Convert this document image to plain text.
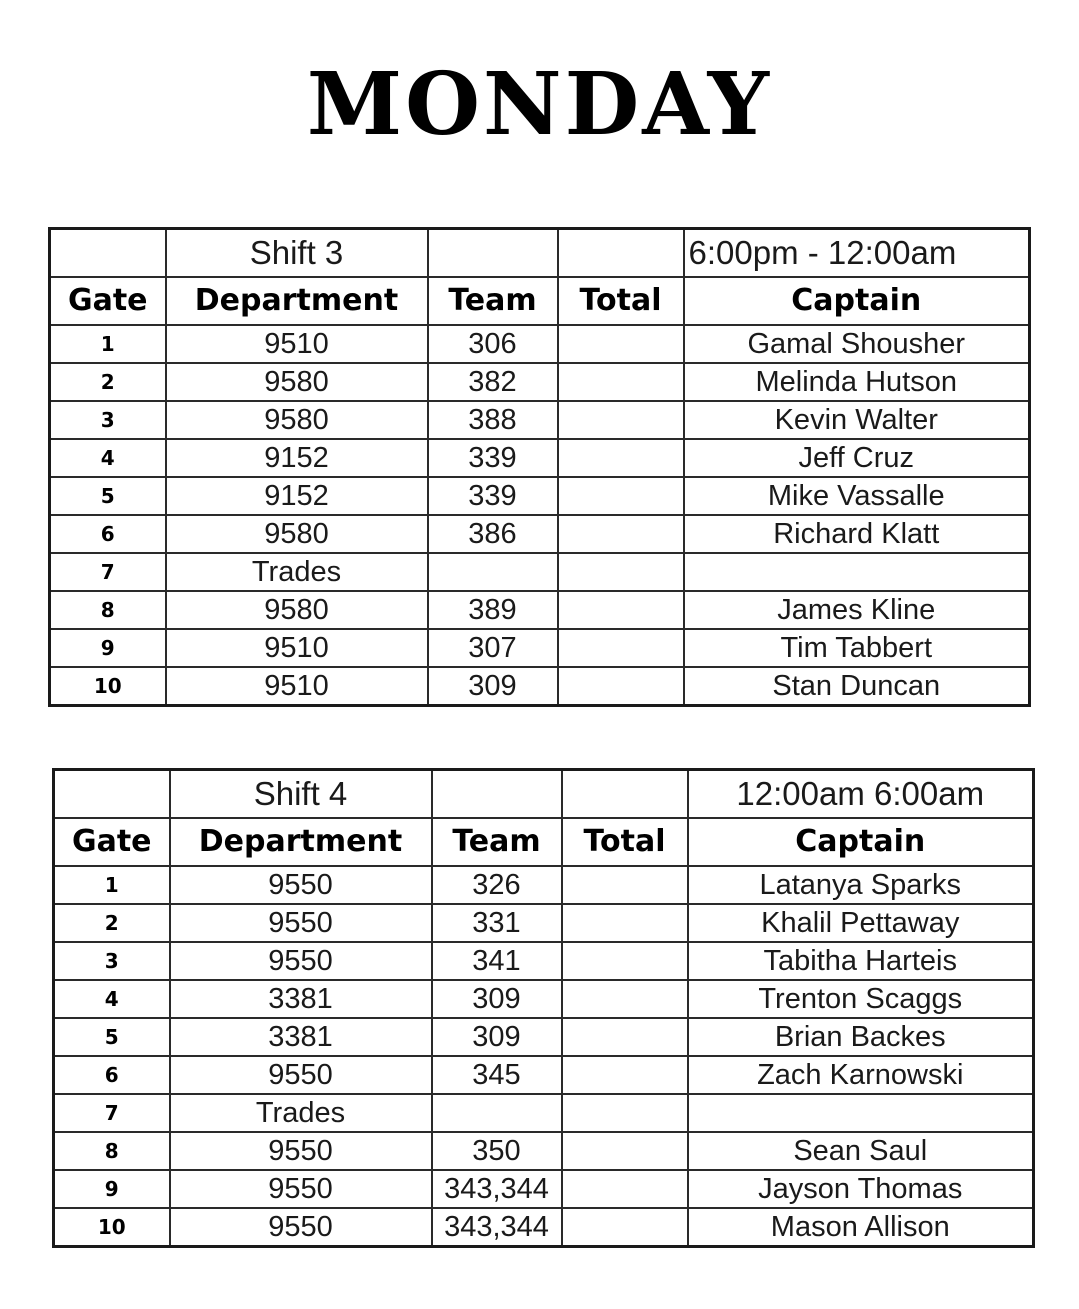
MONDAY
	Shift 3			6:00pm - 12:00am
Gate	Department	Team	Total	Captain
1	9510	306		Gamal Shousher
2	9580	382		Melinda Hutson
3	9580	388		Kevin Walter
4	9152	339		Jeff Cruz
5	9152	339		Mike Vassalle
6	9580	386		Richard Klatt
7	Trades			
8	9580	389		James Kline
9	9510	307		Tim Tabbert
10	9510	309		Stan Duncan
	Shift 4			12:00am 6:00am
Gate	Department	Team	Total	Captain
1	9550	326		Latanya Sparks
2	9550	331		Khalil Pettaway
3	9550	341		Tabitha Harteis
4	3381	309		Trenton Scaggs
5	3381	309		Brian Backes
6	9550	345		Zach Karnowski
7	Trades			
8	9550	350		Sean Saul
9	9550	343,344		Jayson Thomas
10	9550	343,344		Mason Allison
